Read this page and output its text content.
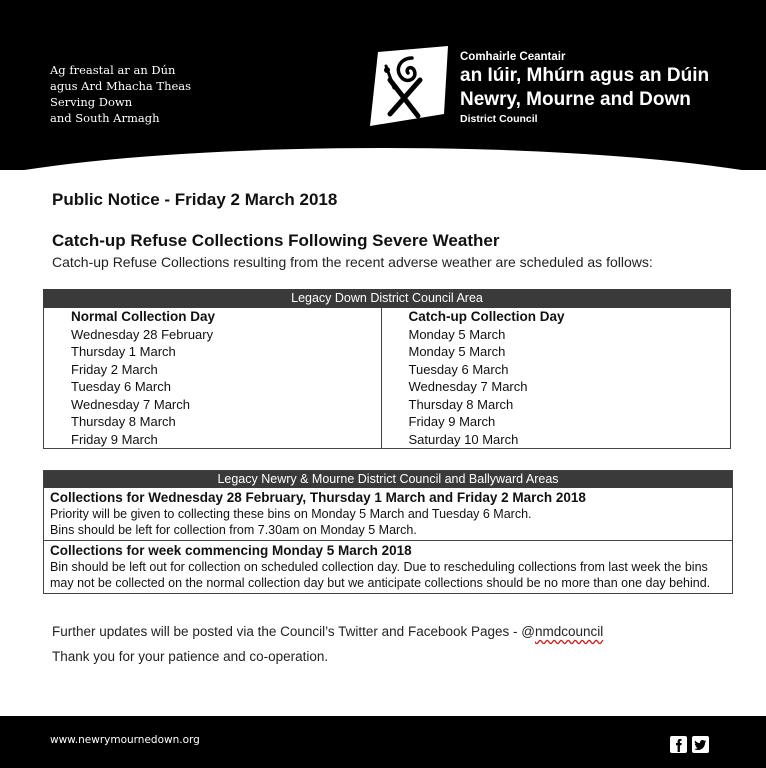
Ag freastal ar an Dún
agus Ard Mhacha Theas
Serving Down
and South Armagh
Comhairle Ceantair
an Iúir, Mhúrn agus an Dúin
Newry, Mourne and Down
District Council
Public Notice - Friday 2 March 2018
Catch-up Refuse Collections Following Severe Weather
Catch-up Refuse Collections resulting from the recent adverse weather are scheduled as follows:
Legacy Down District Council Area	
Normal Collection Day	Catch-up Collection Day
Wednesday 28 February	Monday 5 March
Thursday 1 March	Monday 5 March
Friday 2 March	Tuesday 6 March
Tuesday 6 March	Wednesday 7 March
Wednesday 7 March	Thursday 8 March
Thursday 8 March	Friday 9 March
Friday 9 March	Saturday 10 March
Legacy Newry & Mourne District Council and Ballyward Areas
Collections for Wednesday 28 February, Thursday 1 March and Friday 2 March 2018
Priority will be given to collecting these bins on Monday 5 March and Tuesday 6 March.
Bins should be left for collection from 7.30am on Monday 5 March.
Collections for week commencing Monday 5 March 2018
Bin should be left out for collection on scheduled collection day. Due to rescheduling collections from last week the bins may not be collected on the normal collection day but we anticipate collections should be no more than one day behind.
Further updates will be posted via the Council’s Twitter and Facebook Pages - @nmdcouncil
Thank you for your patience and co-operation.
www.newrymournedown.org
